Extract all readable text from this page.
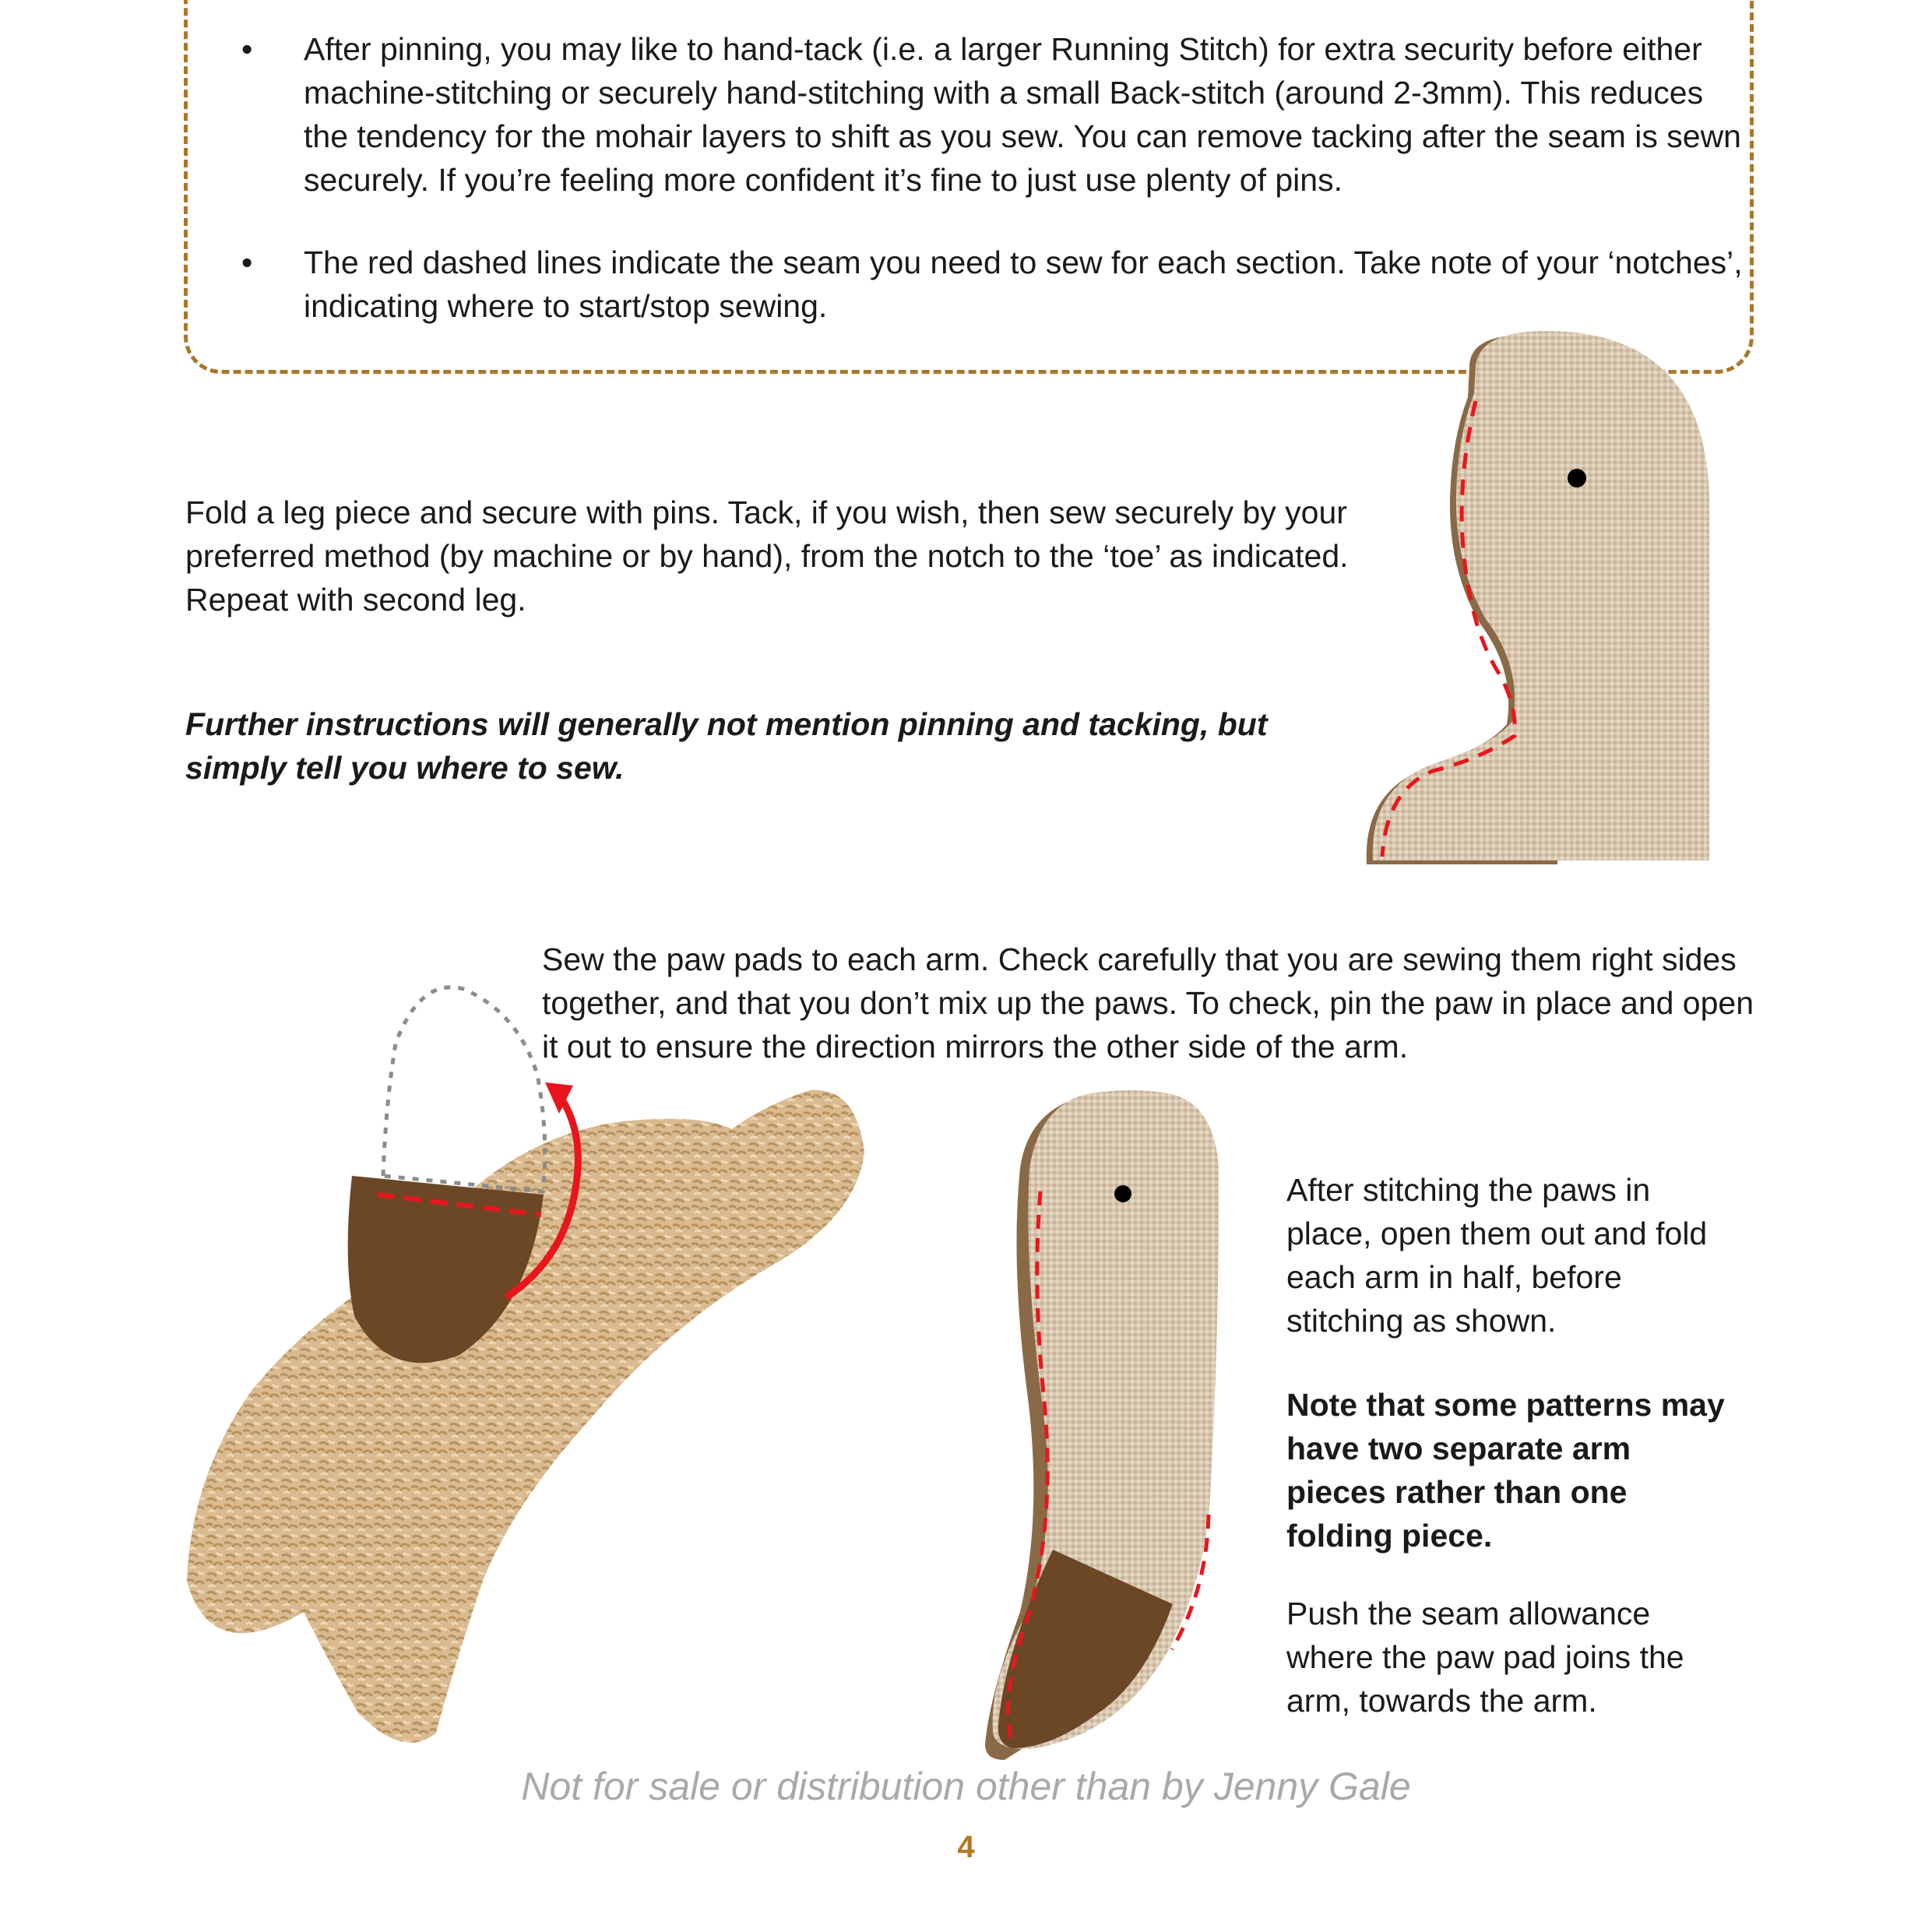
• After pinning, you may like to hand-tack (i.e. a larger Running Stitch) for extra security before either machine-stitching or securely hand-stitching with a small Back-stitch (around 2-3mm). This reduces the tendency for the mohair layers to shift as you sew. You can remove tacking after the seam is sewn securely. If you’re feeling more confident it’s fine to just use plenty of pins.
• The red dashed lines indicate the seam you need to sew for each section. Take note of your ‘notches’, indicating where to start/stop sewing.

Fold a leg piece and secure with pins. Tack, if you wish, then sew securely by your preferred method (by machine or by hand), from the notch to the ‘toe’ as indicated. Repeat with second leg.

Further instructions will generally not mention pinning and tacking, but simply tell you where to sew.

Sew the paw pads to each arm. Check carefully that you are sewing them right sides together, and that you don’t mix up the paws. To check, pin the paw in place and open it out to ensure the direction mirrors the other side of the arm.

After stitching the paws in place, open them out and fold each arm in half, before stitching as shown.

Note that some patterns may have two separate arm pieces rather than one folding piece.

Push the seam allowance where the paw pad joins the arm, towards the arm.

Not for sale or distribution other than by Jenny Gale
4
